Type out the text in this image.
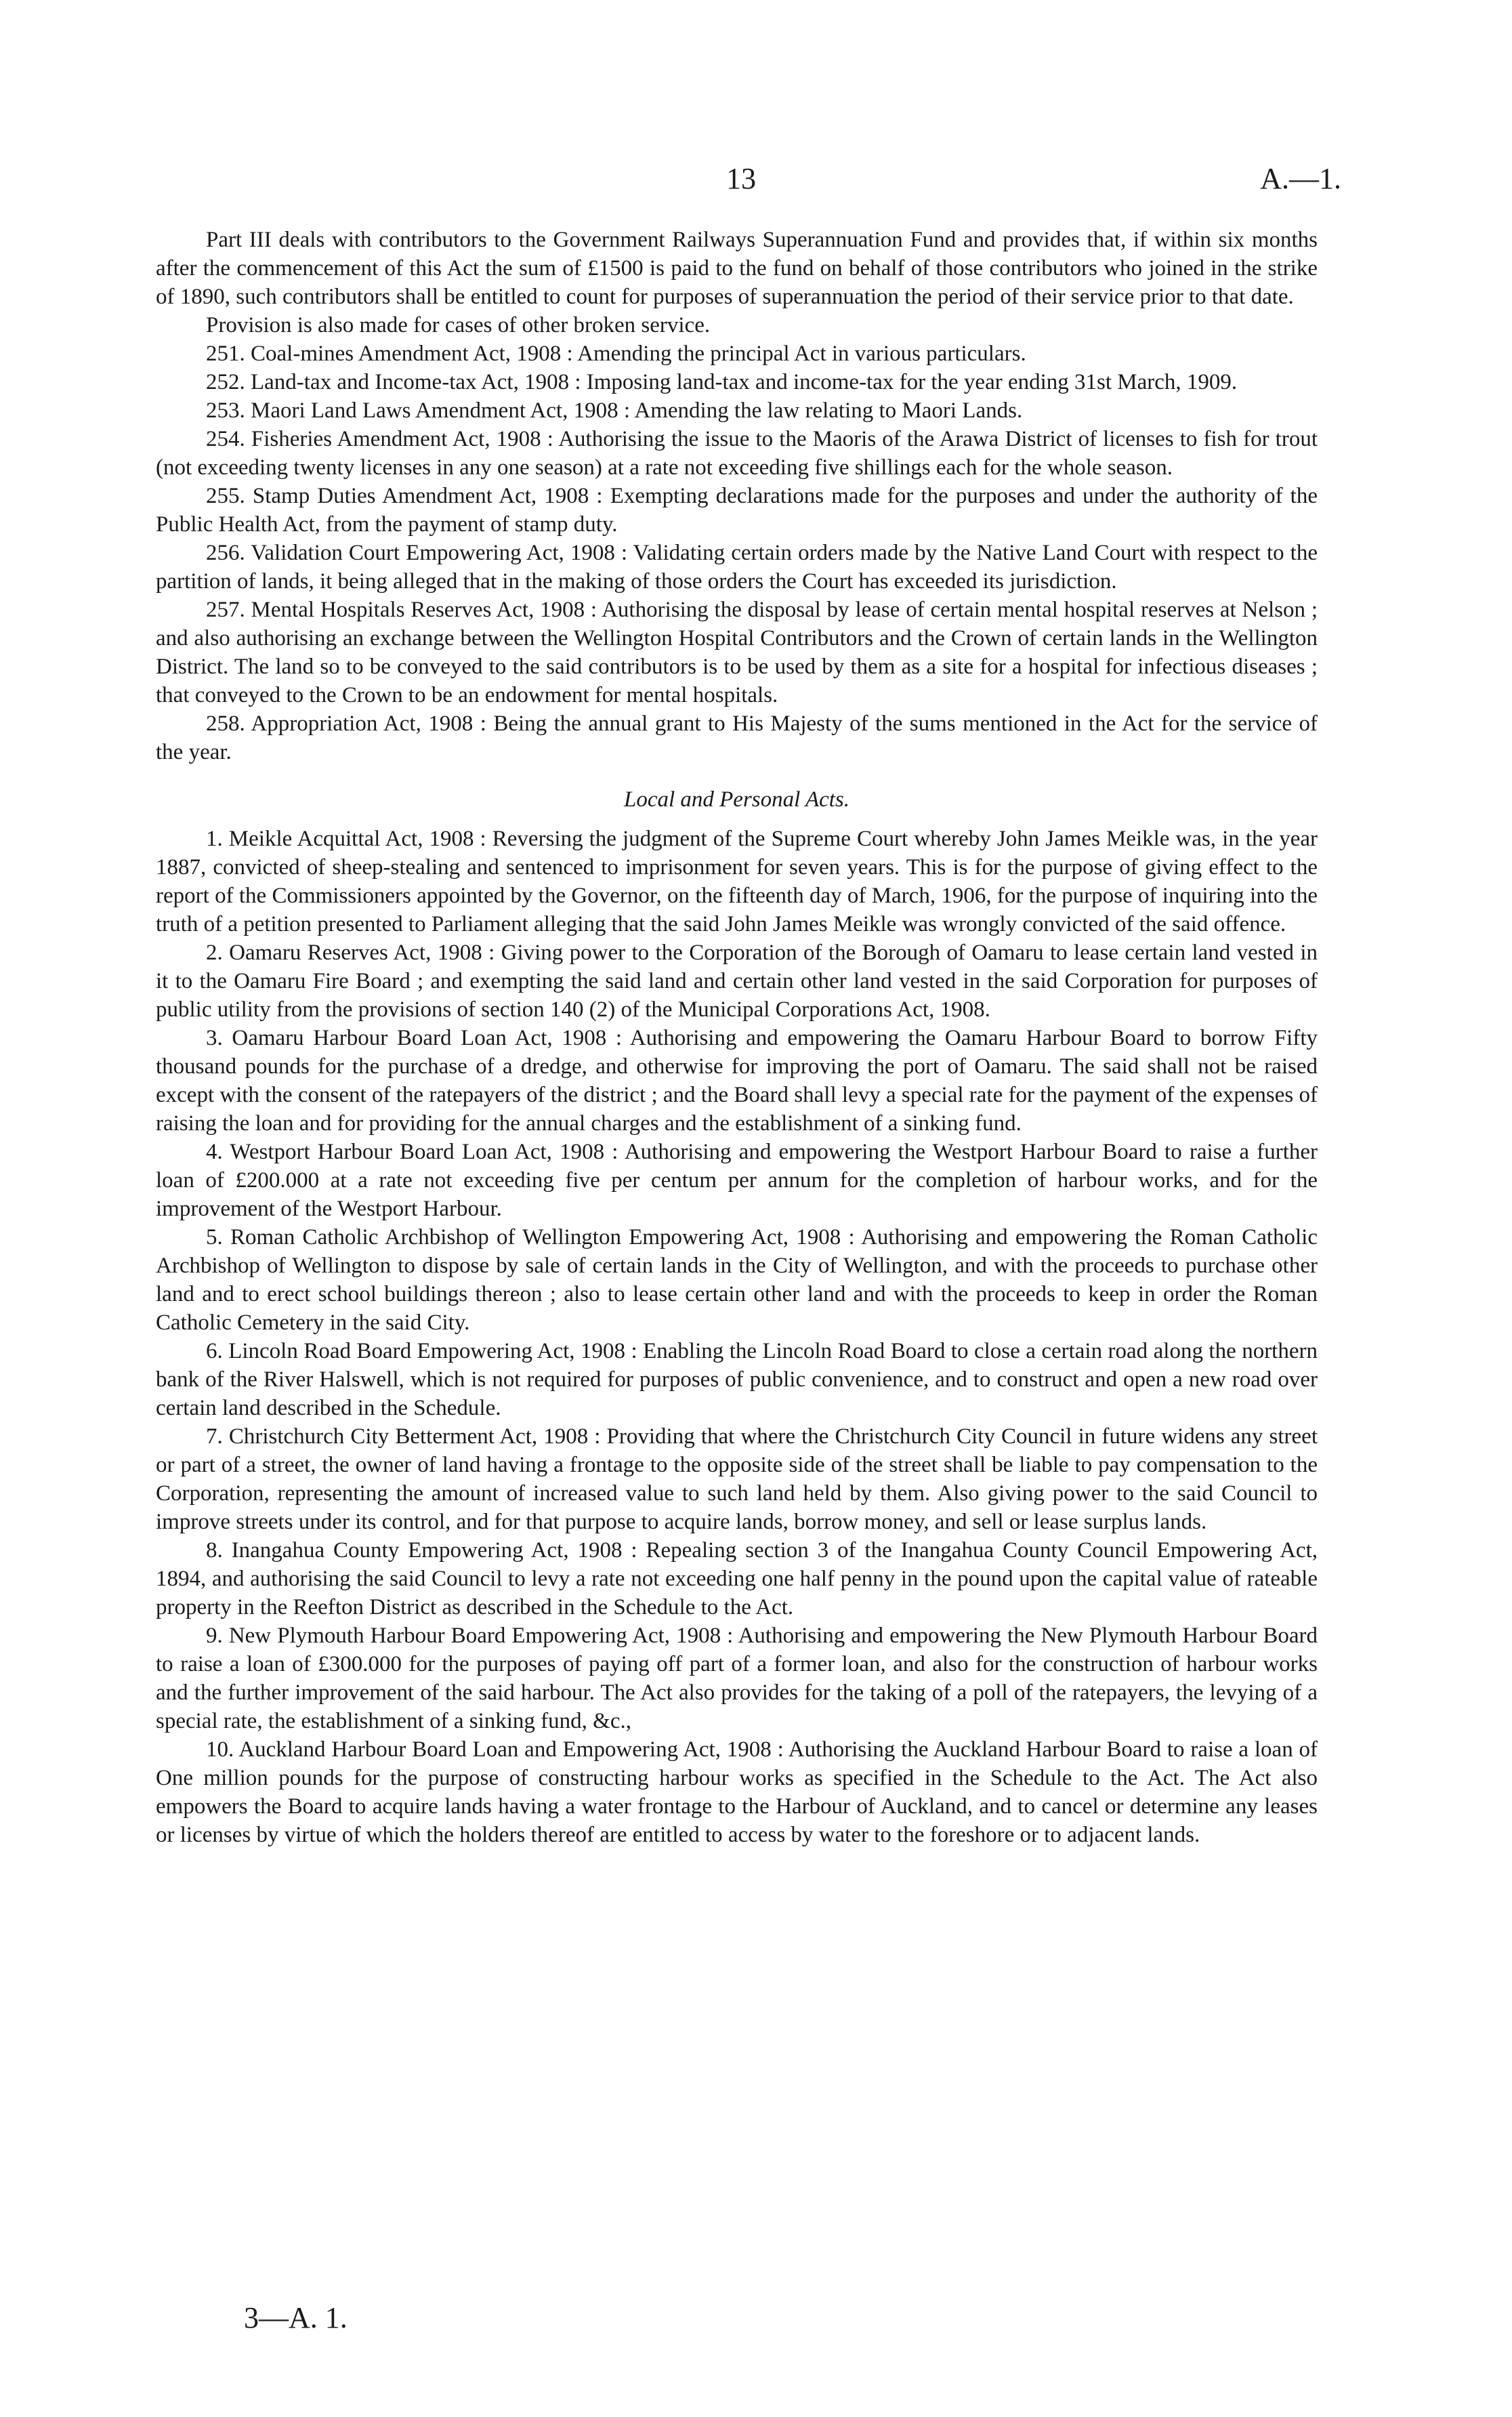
13	A.—1.

Part III deals with contributors to the Government Railways Superannuation Fund and provides that, if within six months after the commencement of this Act the sum of £1500 is paid to the fund on behalf of those contributors who joined in the strike of 1890, such contributors shall be entitled to count for purposes of superannuation the period of their service prior to that date.

Provision is also made for cases of other broken service.

251. Coal-mines Amendment Act, 1908 : Amending the principal Act in various particulars.

252. Land-tax and Income-tax Act, 1908 : Imposing land-tax and income-tax for the year ending 31st March, 1909.

253. Maori Land Laws Amendment Act, 1908 : Amending the law relating to Maori Lands.

254. Fisheries Amendment Act, 1908 : Authorising the issue to the Maoris of the Arawa District of licenses to fish for trout (not exceeding twenty licenses in any one season) at a rate not exceeding five shillings each for the whole season.

255. Stamp Duties Amendment Act, 1908 : Exempting declarations made for the purposes and under the authority of the Public Health Act, from the payment of stamp duty.

256. Validation Court Empowering Act, 1908 : Validating certain orders made by the Native Land Court with respect to the partition of lands, it being alleged that in the making of those orders the Court has exceeded its jurisdiction.

257. Mental Hospitals Reserves Act, 1908 : Authorising the disposal by lease of certain mental hospital reserves at Nelson ; and also authorising an exchange between the Wellington Hospital Contributors and the Crown of certain lands in the Wellington District. The land so to be conveyed to the said contributors is to be used by them as a site for a hospital for infectious diseases ; that conveyed to the Crown to be an endowment for mental hospitals.

258. Appropriation Act, 1908 : Being the annual grant to His Majesty of the sums mentioned in the Act for the service of the year.

Local and Personal Acts.

1. Meikle Acquittal Act, 1908 : Reversing the judgment of the Supreme Court whereby John James Meikle was, in the year 1887, convicted of sheep-stealing and sentenced to imprisonment for seven years. This is for the purpose of giving effect to the report of the Commissioners appointed by the Governor, on the fifteenth day of March, 1906, for the purpose of inquiring into the truth of a petition presented to Parliament alleging that the said John James Meikle was wrongly convicted of the said offence.

2. Oamaru Reserves Act, 1908 : Giving power to the Corporation of the Borough of Oamaru to lease certain land vested in it to the Oamaru Fire Board ; and exempting the said land and certain other land vested in the said Corporation for purposes of public utility from the provisions of section 140 (2) of the Municipal Corporations Act, 1908.

3. Oamaru Harbour Board Loan Act, 1908 : Authorising and empowering the Oamaru Harbour Board to borrow Fifty thousand pounds for the purchase of a dredge, and otherwise for improving the port of Oamaru. The said shall not be raised except with the consent of the ratepayers of the district ; and the Board shall levy a special rate for the payment of the expenses of raising the loan and for providing for the annual charges and the establishment of a sinking fund.

4. Westport Harbour Board Loan Act, 1908 : Authorising and empowering the Westport Harbour Board to raise a further loan of £200.000 at a rate not exceeding five per centum per annum for the completion of harbour works, and for the improvement of the Westport Harbour.

5. Roman Catholic Archbishop of Wellington Empowering Act, 1908 : Authorising and empowering the Roman Catholic Archbishop of Wellington to dispose by sale of certain lands in the City of Wellington, and with the proceeds to purchase other land and to erect school buildings thereon ; also to lease certain other land and with the proceeds to keep in order the Roman Catholic Cemetery in the said City.

6. Lincoln Road Board Empowering Act, 1908 : Enabling the Lincoln Road Board to close a certain road along the northern bank of the River Halswell, which is not required for purposes of public convenience, and to construct and open a new road over certain land described in the Schedule.

7. Christchurch City Betterment Act, 1908 : Providing that where the Christchurch City Council in future widens any street or part of a street, the owner of land having a frontage to the opposite side of the street shall be liable to pay compensation to the Corporation, representing the amount of increased value to such land held by them. Also giving power to the said Council to improve streets under its control, and for that purpose to acquire lands, borrow money, and sell or lease surplus lands.

8. Inangahua County Empowering Act, 1908 : Repealing section 3 of the Inangahua County Council Empowering Act, 1894, and authorising the said Council to levy a rate not exceeding one half penny in the pound upon the capital value of rateable property in the Reefton District as described in the Schedule to the Act.

9. New Plymouth Harbour Board Empowering Act, 1908 : Authorising and empowering the New Plymouth Harbour Board to raise a loan of £300.000 for the purposes of paying off part of a former loan, and also for the construction of harbour works and the further improvement of the said harbour. The Act also provides for the taking of a poll of the ratepayers, the levying of a special rate, the establishment of a sinking fund, &c.,

10. Auckland Harbour Board Loan and Empowering Act, 1908 : Authorising the Auckland Harbour Board to raise a loan of One million pounds for the purpose of constructing harbour works as specified in the Schedule to the Act. The Act also empowers the Board to acquire lands having a water frontage to the Harbour of Auckland, and to cancel or determine any leases or licenses by virtue of which the holders thereof are entitled to access by water to the foreshore or to adjacent lands.

3—A. 1.
